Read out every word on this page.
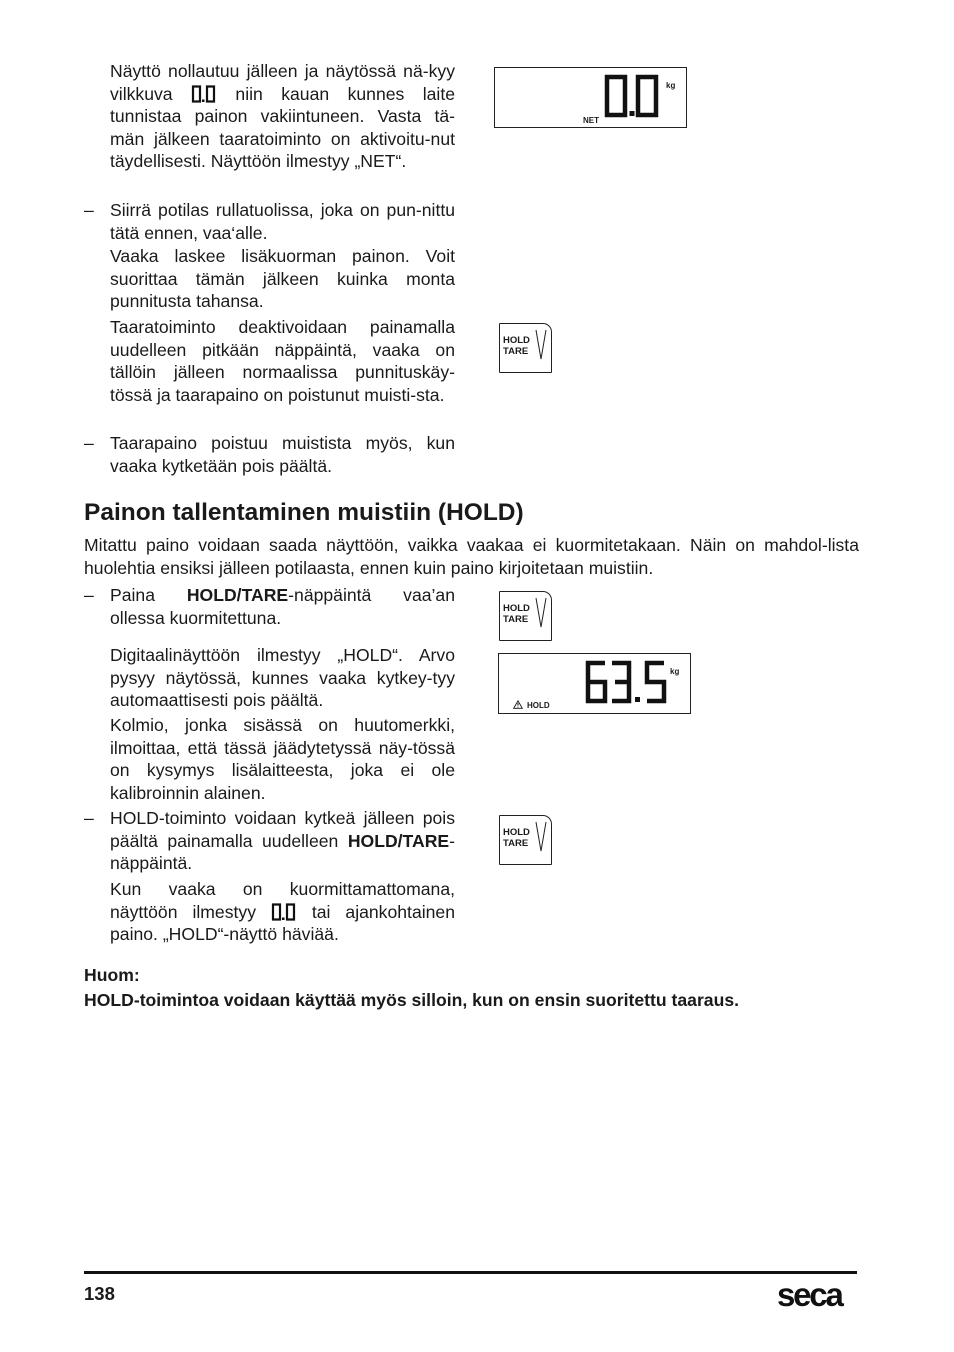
Näyttö nollautuu jälleen ja näytössä nä-kyy vilkkuva  niin kauan kunnes laite tunnistaa painon vakiintuneen. Vasta tä-män jälkeen taaratoiminto on aktivoitu-nut täydellisesti. Näyttöön ilmestyy „NET“.
– Siirrä potilas rullatuolissa, joka on pun-nittu tätä ennen, vaa‘alle.
Vaaka laskee lisäkuorman painon. Voit suorittaa tämän jälkeen kuinka monta punnitusta tahansa.
Taaratoiminto deaktivoidaan painamalla uudelleen pitkään näppäintä, vaaka on tällöin jälleen normaalissa punnituskäy-tössä ja taarapaino on poistunut muisti-sta.
– Taarapaino poistuu muistista myös, kun vaaka kytketään pois päältä.
kg
NET
HOLD
TARE
Painon tallentaminen muistiin (HOLD)
Mitattu paino voidaan saada näyttöön, vaikka vaakaa ei kuormitetakaan. Näin on mahdol-lista huolehtia ensiksi jälleen potilaasta, ennen kuin paino kirjoitetaan muistiin.
– Paina HOLD/TARE-näppäintä vaa’an ollessa kuormitettuna.
Digitaalinäyttöön ilmestyy „HOLD“. Arvo pysyy näytössä, kunnes vaaka kytkey-tyy automaattisesti pois päältä.
Kolmio, jonka sisässä on huutomerkki, ilmoittaa, että tässä jäädytetyssä näy-tössä on kysymys lisälaitteesta, joka ei ole kalibroinnin alainen.
– HOLD-toiminto voidaan kytkeä jälleen pois päältä painamalla uudelleen HOLD/TARE-näppäintä.
Kun vaaka on kuormittamattomana, näyttöön ilmestyy  tai ajankohtainen paino. „HOLD“-näyttö häviää.
HOLD
TARE
kg
HOLD
HOLD
TARE
Huom:
HOLD-toimintoa voidaan käyttää myös silloin, kun on ensin suoritettu taaraus.
138	seca
